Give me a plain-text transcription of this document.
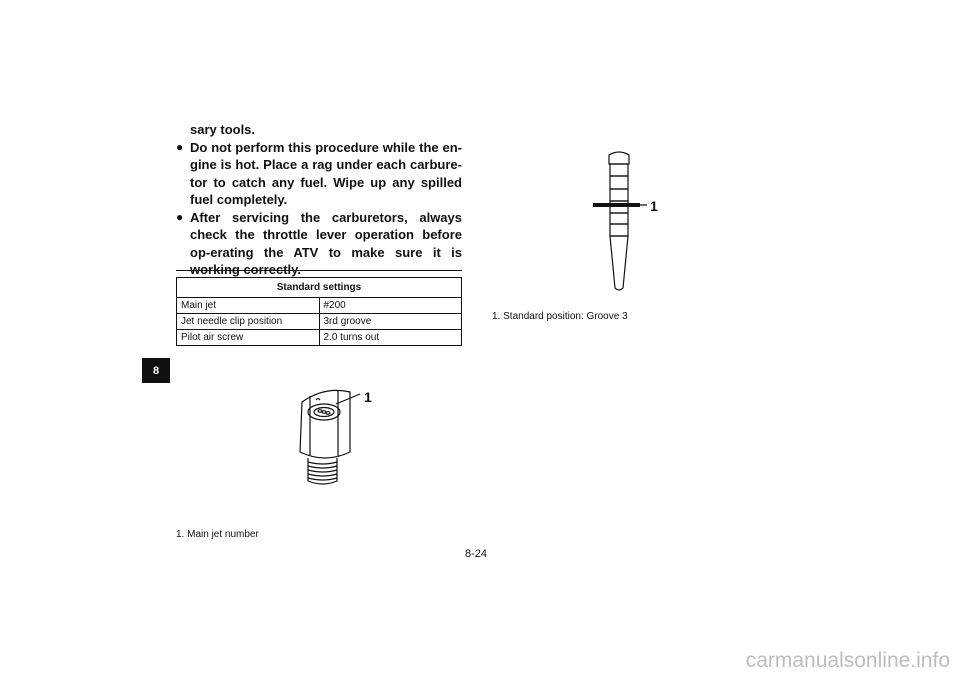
8

sary tools.

● Do not perform this procedure while the en-gine is hot. Place a rag under each carbure-tor to catch any fuel. Wipe up any spilled fuel completely.
● After servicing the carburetors, always check the throttle lever operation before op-erating the ATV to make sure it is working correctly.
Standard settings	
Main jet	#200
Jet needle clip position	3rd groove
Pilot air screw	2.0 turns out
1
1
1. Main jet number
1. Standard position: Groove 3
8-24
carmanualsonline.info
